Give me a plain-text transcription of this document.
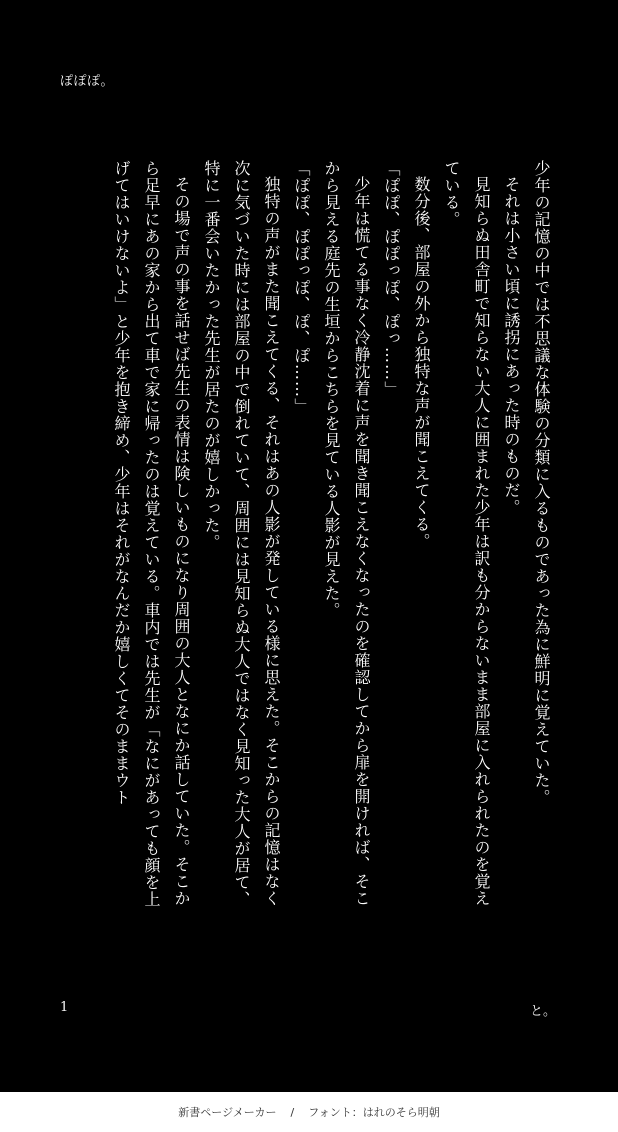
ぽぽぽ。

少年の記憶の中では不思議な体験の分類に入るものであった為に鮮明に覚えていた。

それは小さい頃に誘拐にあった時のものだ。

見知らぬ田舎町で知らない大人に囲まれた少年は訳も分からないまま部屋に入れられたのを覚えている。

数分後、部屋の外から独特な声が聞こえてくる。

「ぽぽ、ぽぽっぽ、ぽっ……」

少年は慌てる事なく冷静沈着に声を聞き聞こえなくなったのを確認してから扉を開ければ、そこから見える庭先の生垣からこちらを見ている人影が見えた。

「ぽぽ、ぽぽっぽ、ぽ、ぽ……」

独特の声がまた聞こえてくる、それはあの人影が発している様に思えた。そこからの記憶はなく次に気づいた時には部屋の中で倒れていて、周囲には見知らぬ大人ではなく見知った大人が居て、特に一番会いたかった先生が居たのが嬉しかった。

その場で声の事を話せば先生の表情は険しいものになり周囲の大人となにか話していた。そこから足早にあの家から出て車で家に帰ったのは覚えている。車内では先生が「なにがあっても顔を上げてはいけないよ」と少年を抱き締め、少年はそれがなんだか嬉しくてそのままウト

1	と。
新書ページメーカー / フォント：はれのそら明朝
